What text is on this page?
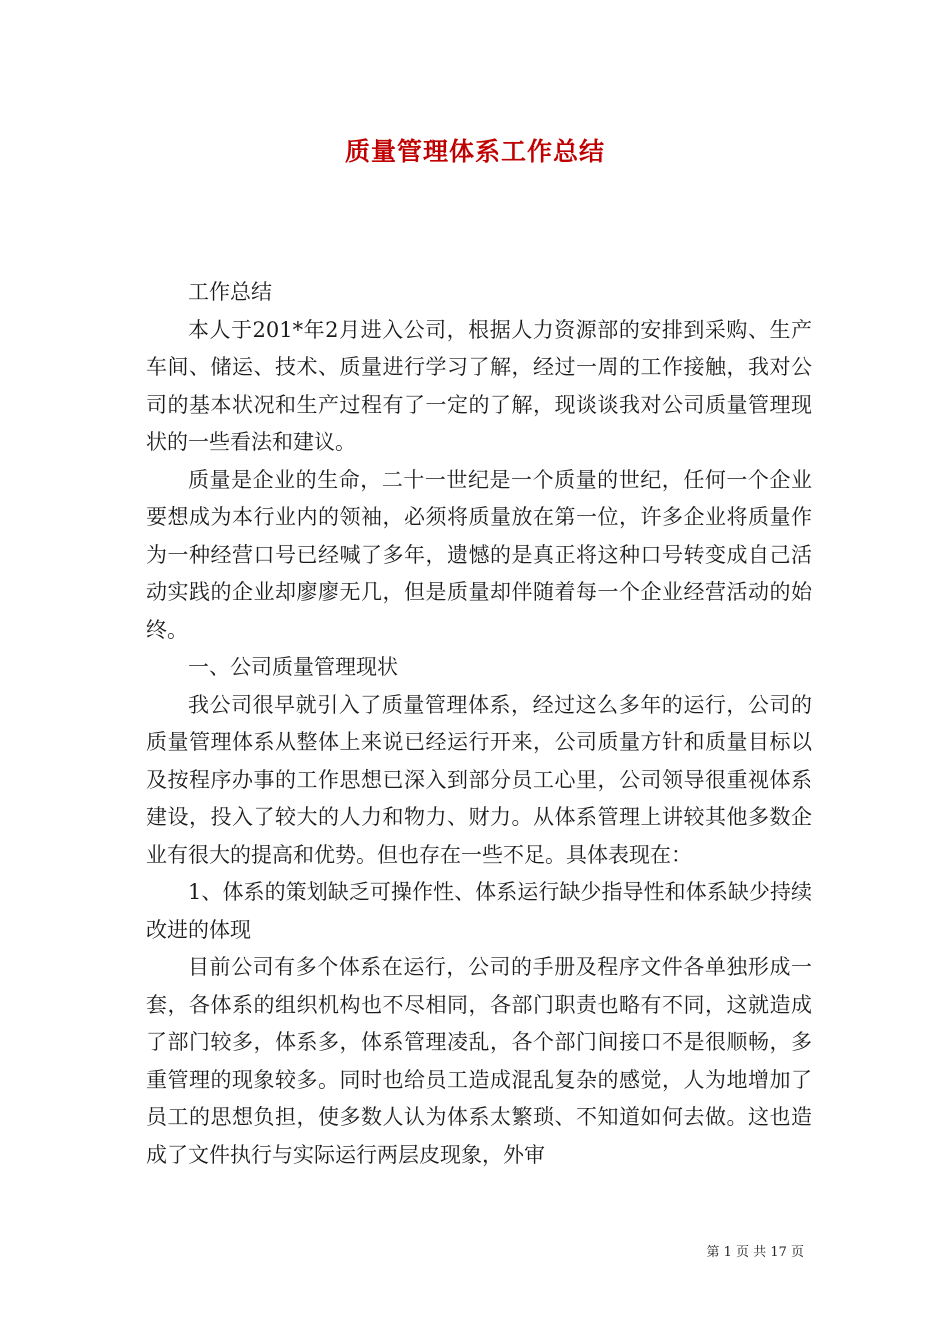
质量管理体系工作总结

工作总结

本人于201*年2月进入公司，根据人力资源部的安排到采购、生产车间、储运、技术、质量进行学习了解，经过一周的工作接触，我对公司的基本状况和生产过程有了一定的了解，现谈谈我对公司质量管理现状的一些看法和建议。

质量是企业的生命，二十一世纪是一个质量的世纪，任何一个企业要想成为本行业内的领袖，必须将质量放在第一位，许多企业将质量作为一种经营口号已经喊了多年，遗憾的是真正将这种口号转变成自己活动实践的企业却廖廖无几，但是质量却伴随着每一个企业经营活动的始终。

一、公司质量管理现状

我公司很早就引入了质量管理体系，经过这么多年的运行，公司的质量管理体系从整体上来说已经运行开来，公司质量方针和质量目标以及按程序办事的工作思想已深入到部分员工心里，公司领导很重视体系建设，投入了较大的人力和物力、财力。从体系管理上讲较其他多数企业有很大的提高和优势。但也存在一些不足。具体表现在：

1、体系的策划缺乏可操作性、体系运行缺少指导性和体系缺少持续改进的体现

目前公司有多个体系在运行，公司的手册及程序文件各单独形成一套，各体系的组织机构也不尽相同，各部门职责也略有不同，这就造成了部门较多，体系多，体系管理凌乱，各个部门间接口不是很顺畅，多重管理的现象较多。同时也给员工造成混乱复杂的感觉，人为地增加了员工的思想负担，使多数人认为体系太繁琐、不知道如何去做。这也造成了文件执行与实际运行两层皮现象，外审

第 1 页 共 17 页
